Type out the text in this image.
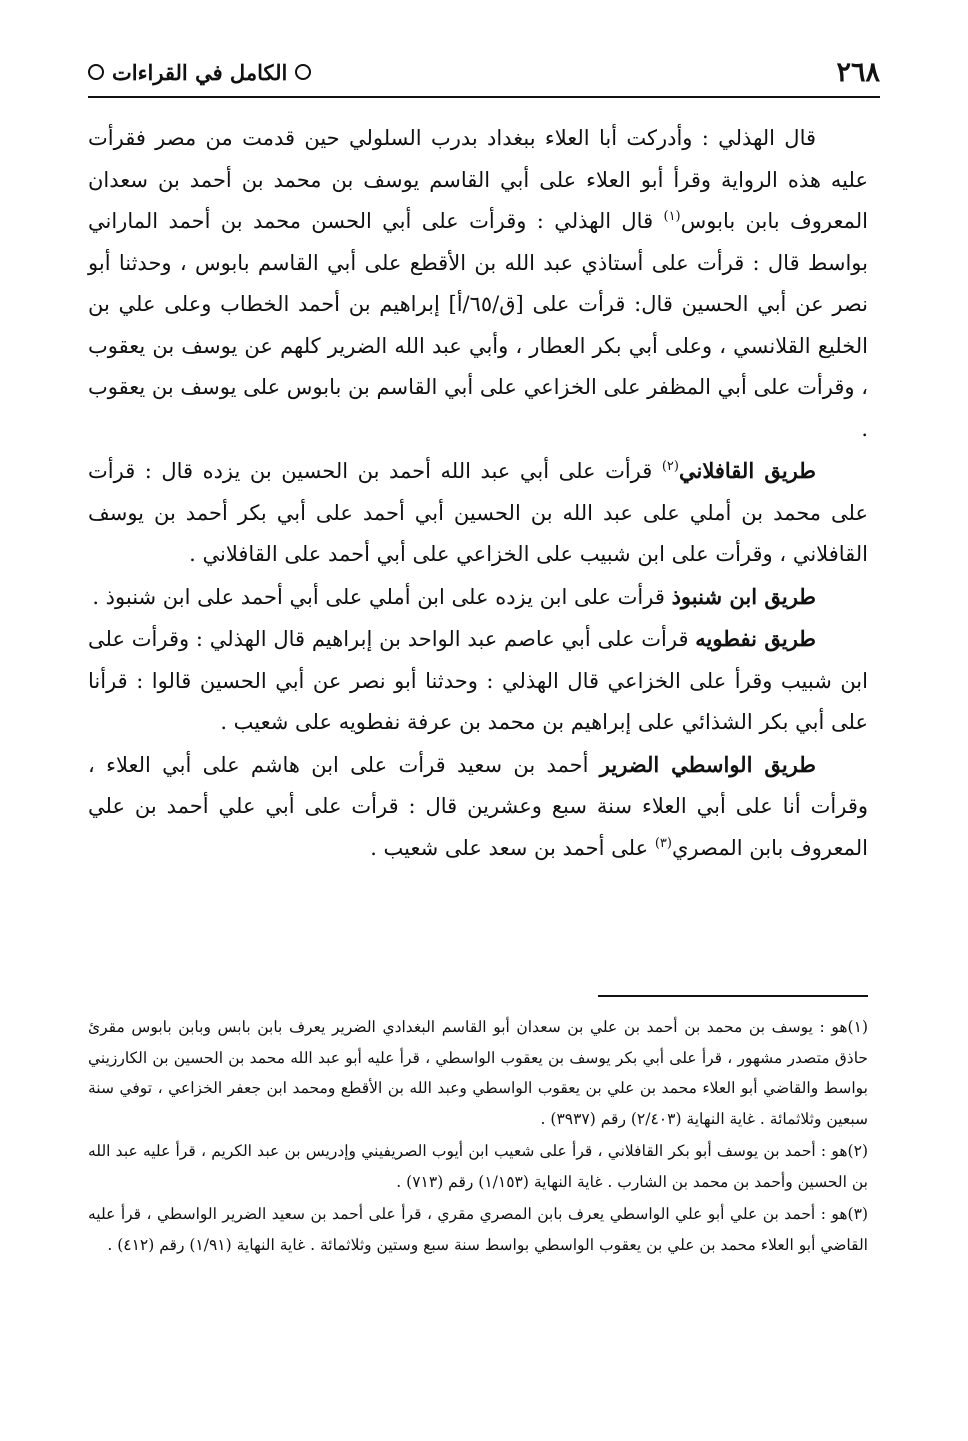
٢٦٨
الكامل في القراءات

قال الهذلي : وأدركت أبا العلاء ببغداد بدرب السلولي حين قدمت من مصر فقرأت عليه هذه الرواية وقرأ أبو العلاء على أبي القاسم يوسف بن محمد بن أحمد بن سعدان المعروف بابن بابوس$^{(١)}$ قال الهذلي : وقرأت على أبي الحسن محمد بن أحمد الماراني بواسط قال : قرأت على أستاذي عبد الله بن الأقطع على أبي القاسم بابوس ، وحدثنا أبو نصر عن أبي الحسين قال: قرأت على [ق/٦٥/أ] إبراهيم بن أحمد الخطاب وعلى علي بن الخليع القلانسي ، وعلى أبي بكر العطار ، وأبي عبد الله الضرير كلهم عن يوسف بن يعقوب ، وقرأت على أبي المظفر على الخزاعي على أبي القاسم بن بابوس على يوسف بن يعقوب .

طريق القافلاني$^{(٢)}$ قرأت على أبي عبد الله أحمد بن الحسين بن يزده قال : قرأت على محمد بن أملي على عبد الله بن الحسين أبي أحمد على أبي بكر أحمد بن يوسف القافلاني ، وقرأت على ابن شبيب على الخزاعي على أبي أحمد على القافلاني .

طريق ابن شنبوذ قرأت على ابن يزده على ابن أملي على أبي أحمد على ابن شنبوذ .

طريق نفطويه قرأت على أبي عاصم عبد الواحد بن إبراهيم قال الهذلي : وقرأت على ابن شبيب وقرأ على الخزاعي قال الهذلي : وحدثنا أبو نصر عن أبي الحسين قالوا : قرأنا على أبي بكر الشذائي على إبراهيم بن محمد بن عرفة نفطويه على شعيب .

طريق الواسطي الضرير أحمد بن سعيد قرأت على ابن هاشم على أبي العلاء ، وقرأت أنا على أبي العلاء سنة سبع وعشرين قال : قرأت على أبي علي أحمد بن علي المعروف بابن المصري$^{(٣)}$ على أحمد بن سعد على شعيب .

(١)هو : يوسف بن محمد بن أحمد بن علي بن سعدان أبو القاسم البغدادي الضرير يعرف بابن بابس وبابن بابوس مقرئ حاذق متصدر مشهور ، قرأ على أبي بكر يوسف بن يعقوب الواسطي ، قرأ عليه أبو عبد الله محمد بن الحسين بن الكارزيني بواسط والقاضي أبو العلاء محمد بن علي بن يعقوب الواسطي وعبد الله بن الأقطع ومحمد ابن جعفر الخزاعي ، توفي سنة سبعين وثلاثمائة . غاية النهاية (٢/٤٠٣) رقم (٣٩٣٧) .

(٢)هو : أحمد بن يوسف أبو بكر القافلاني ، قرأ على شعيب ابن أيوب الصريفيني وإدريس بن عبد الكريم ، قرأ عليه عبد الله بن الحسين وأحمد بن محمد بن الشارب . غاية النهاية (١/١٥٣) رقم (٧١٣) .

(٣)هو : أحمد بن علي أبو علي الواسطي يعرف بابن المصري مقري ، قرأ على أحمد بن سعيد الضرير الواسطي ، قرأ عليه القاضي أبو العلاء محمد بن علي بن يعقوب الواسطي بواسط سنة سبع وستين وثلاثمائة . غاية النهاية (١/٩١) رقم (٤١٢) .
